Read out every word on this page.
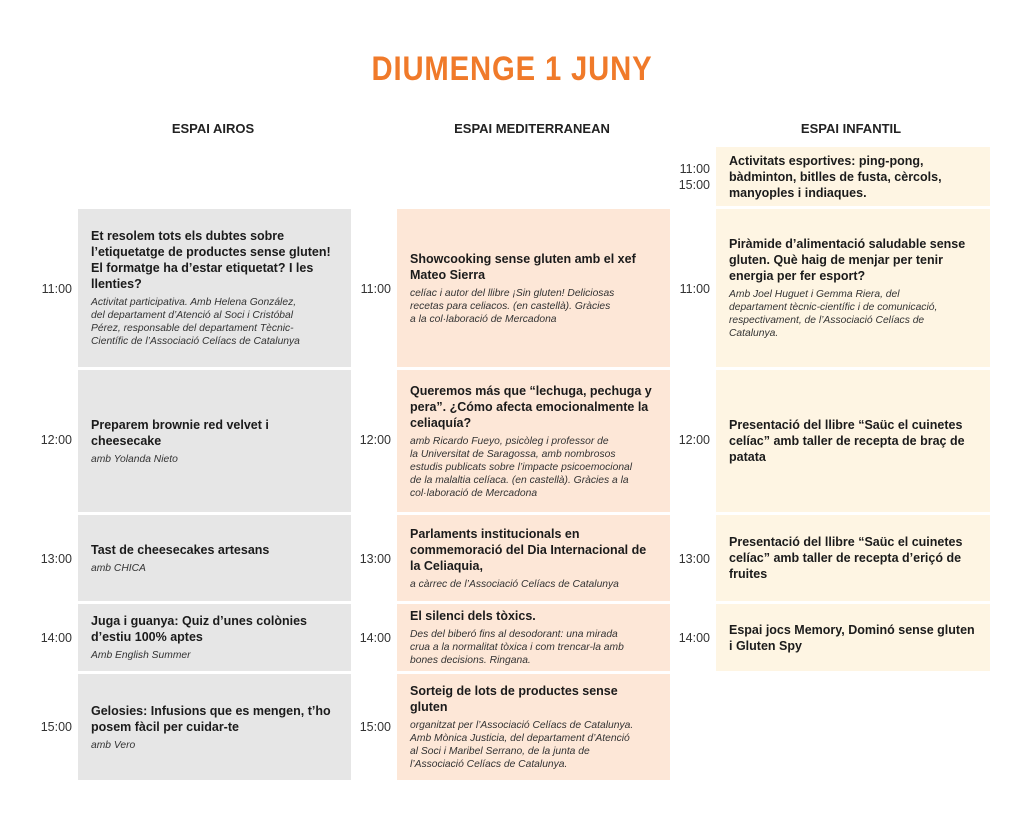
DIUMENGE 1 JUNY
ESPAI AIROS	ESPAI MEDITERRANEAN	ESPAI INFANTIL
11:00
Et resolem tots els dubtes sobre l’etiquetatge de productes sense gluten! El formatge ha d’estar etiquetat? I les llenties?
Activitat participativa. Amb Helena González,
del departament d’Atenció al Soci i Cristóbal
Pérez, responsable del departament Tècnic-
Científic de l’Associació Celíacs de Catalunya
12:00
Preparem brownie red velvet i cheesecake
amb Yolanda Nieto
13:00
Tast de cheesecakes artesans
amb CHICA
14:00
Juga i guanya: Quiz d’unes colònies d’estiu 100% aptes
Amb English Summer
15:00
Gelosies: Infusions que es mengen, t’ho posem fàcil per cuidar-te
amb Vero
11:00
Showcooking sense gluten amb el xef Mateo Sierra
celíac i autor del llibre ¡Sin gluten! Deliciosas
recetas para celiacos. (en castellà). Gràcies
a la col·laboració de Mercadona
12:00
Queremos más que “lechuga, pechuga y pera”. ¿Cómo afecta emocionalmente la celiaquía?
amb Ricardo Fueyo, psicòleg i professor de
la Universitat de Saragossa, amb nombrosos
estudis publicats sobre l’impacte psicoemocional
de la malaltia celíaca. (en castellà). Gràcies a la
col·laboració de Mercadona
13:00
Parlaments institucionals en commemoració del Dia Internacional de la Celiaquia,
a càrrec de l’Associació Celíacs de Catalunya
14:00
El silenci dels tòxics.
Des del biberó fins al desodorant: una mirada
crua a la normalitat tòxica i com trencar-la amb
bones decisions. Ringana.
15:00
Sorteig de lots de productes sense gluten
organitzat per l’Associació Celíacs de Catalunya.
Amb Mònica Justicia, del departament d’Atenció
al Soci i Maribel Serrano, de la junta de
l’Associació Celíacs de Catalunya.
11:00
15:00
Activitats esportives: ping-pong, bàdminton, bitlles de fusta, cèrcols, manyoples i indiaques.
11:00
Piràmide d’alimentació saludable sense gluten. Què haig de menjar per tenir energia per fer esport?
Amb Joel Huguet i Gemma Riera, del
departament tècnic-científic i de comunicació,
respectivament, de l’Associació Celíacs de
Catalunya.
12:00
Presentació del llibre “Saüc el cuinetes celíac” amb taller de recepta de braç de patata
13:00
Presentació del llibre “Saüc el cuinetes celíac” amb taller de recepta d’eriçó de fruites
14:00
Espai jocs Memory, Dominó sense gluten i Gluten Spy
